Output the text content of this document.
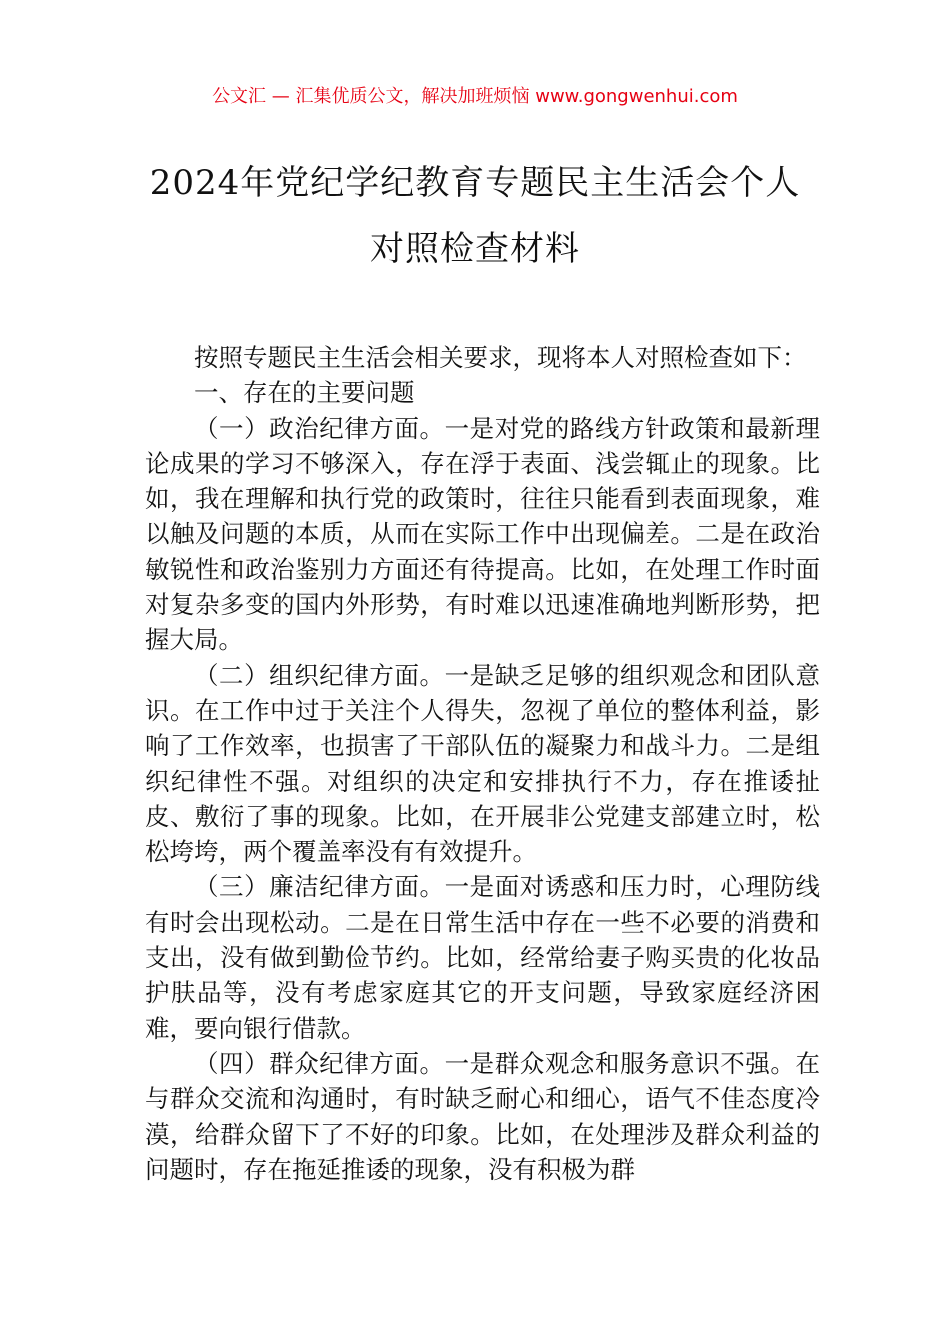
公文汇 — 汇集优质公文，解决加班烦恼 www.gongwenhui.com
2024年党纪学纪教育专题民主生活会个人
对照检查材料

按照专题民主生活会相关要求，现将本人对照检查如下：

一、存在的主要问题

（一）政治纪律方面。一是对党的路线方针政策和最新理论成果的学习不够深入，存在浮于表面、浅尝辄止的现象。比如，我在理解和执行党的政策时，往往只能看到表面现象，难以触及问题的本质，从而在实际工作中出现偏差。二是在政治敏锐性和政治鉴别力方面还有待提高。比如，在处理工作时面对复杂多变的国内外形势，有时难以迅速准确地判断形势，把握大局。

（二）组织纪律方面。一是缺乏足够的组织观念和团队意识。在工作中过于关注个人得失，忽视了单位的整体利益，影响了工作效率，也损害了干部队伍的凝聚力和战斗力。二是组织纪律性不强。对组织的决定和安排执行不力，存在推诿扯皮、敷衍了事的现象。比如，在开展非公党建支部建立时，松松垮垮，两个覆盖率没有有效提升。

（三）廉洁纪律方面。一是面对诱惑和压力时，心理防线有时会出现松动。二是在日常生活中存在一些不必要的消费和支出，没有做到勤俭节约。比如，经常给妻子购买贵的化妆品护肤品等，没有考虑家庭其它的开支问题，导致家庭经济困难，要向银行借款。

（四）群众纪律方面。一是群众观念和服务意识不强。在与群众交流和沟通时，有时缺乏耐心和细心，语气不佳态度冷漠，给群众留下了不好的印象。比如，在处理涉及群众利益的问题时，存在拖延推诿的现象，没有积极为群
